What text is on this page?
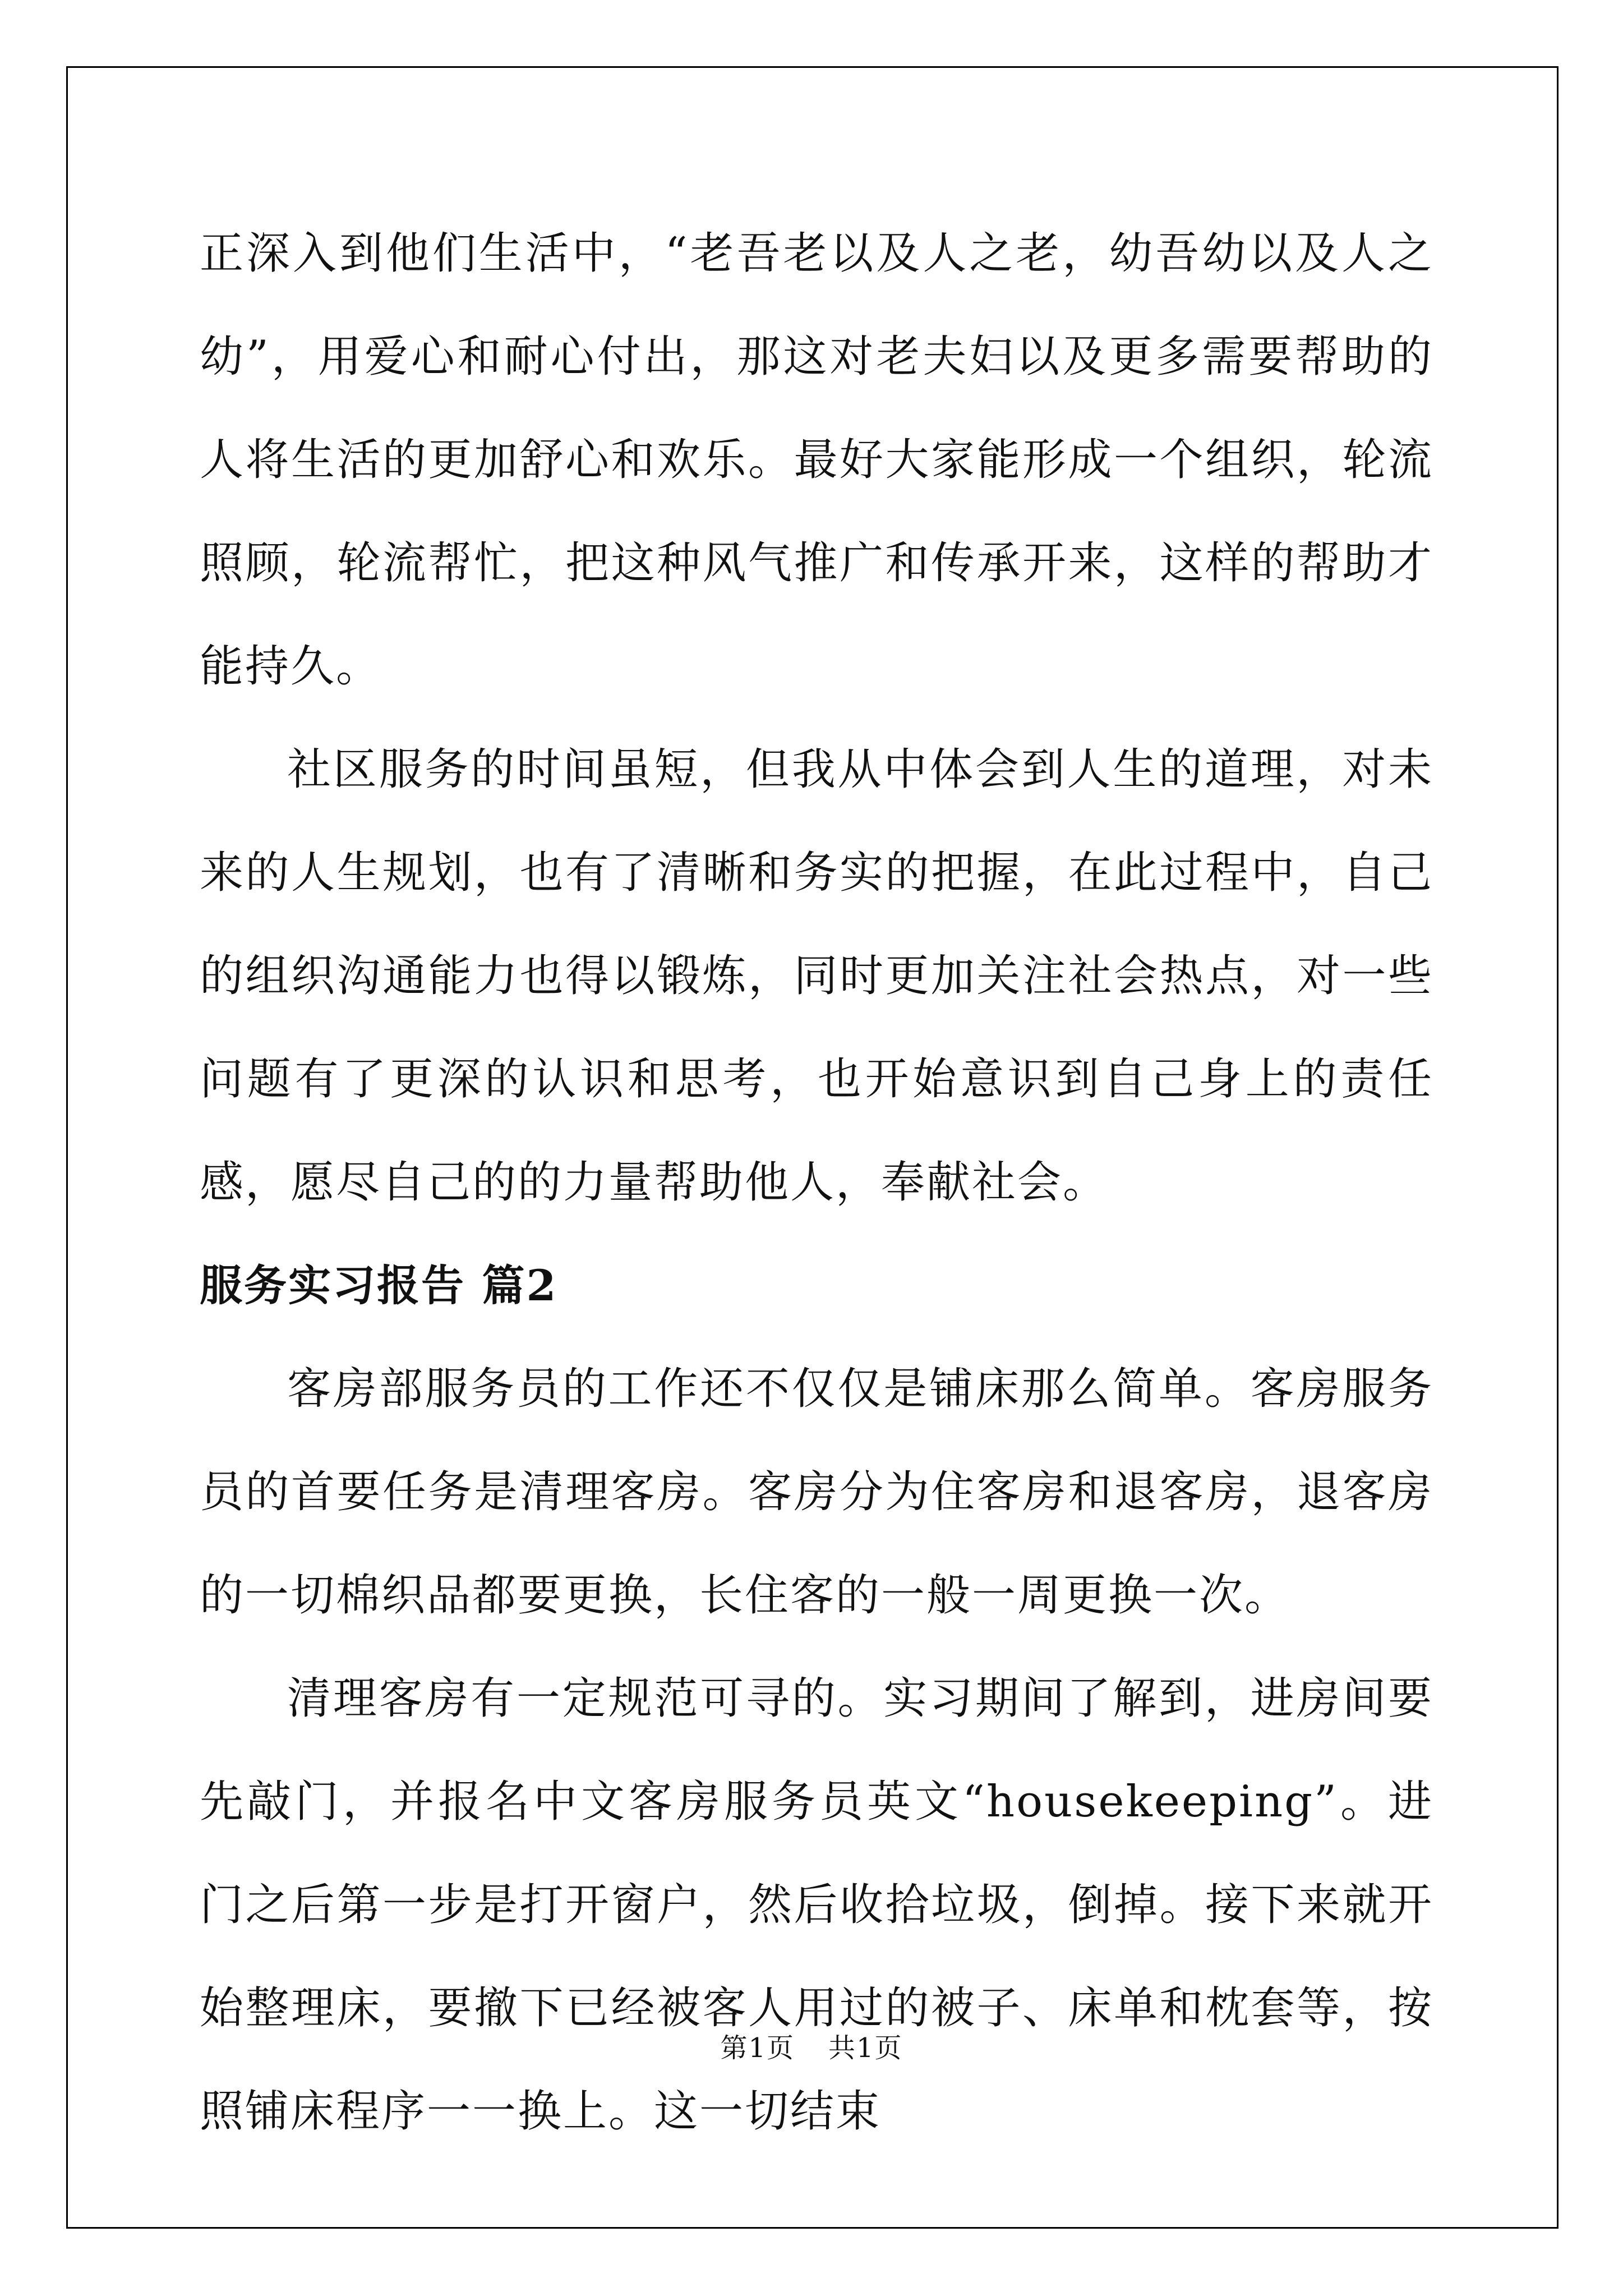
正深入到他们生活中，“老吾老以及人之老，幼吾幼以及人之幼”，用爱心和耐心付出，那这对老夫妇以及更多需要帮助的人将生活的更加舒心和欢乐。最好大家能形成一个组织，轮流照顾，轮流帮忙，把这种风气推广和传承开来，这样的帮助才能持久。

社区服务的时间虽短，但我从中体会到人生的道理，对未来的人生规划，也有了清晰和务实的把握，在此过程中，自己的组织沟通能力也得以锻炼，同时更加关注社会热点，对一些问题有了更深的认识和思考，也开始意识到自己身上的责任感，愿尽自己的的力量帮助他人，奉献社会。

服务实习报告 篇2

客房部服务员的工作还不仅仅是铺床那么简单。客房服务员的首要任务是清理客房。客房分为住客房和退客房，退客房的一切棉织品都要更换，长住客的一般一周更换一次。

清理客房有一定规范可寻的。实习期间了解到，进房间要先敲门，并报名中文客房服务员英文“housekeeping”。进门之后第一步是打开窗户，然后收拾垃圾，倒掉。接下来就开始整理床，要撤下已经被客人用过的被子、床单和枕套等，按照铺床程序一一换上。这一切结束

第1页 共1页
